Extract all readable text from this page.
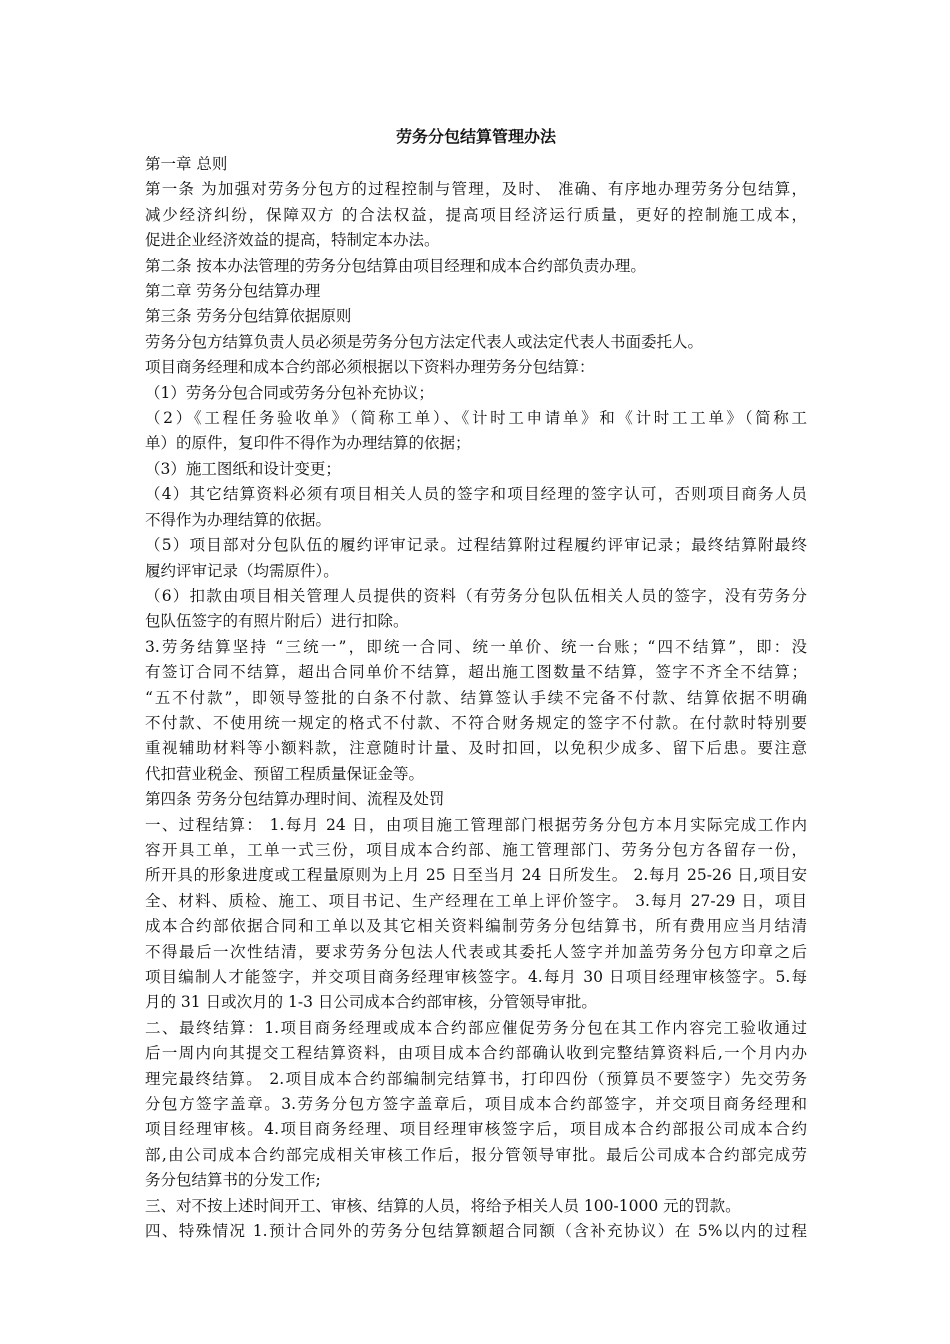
劳务分包结算管理办法
第一章 总则
第一条 为加强对劳务分包方的过程控制与管理，及时、 准确、有序地办理劳务分包结算，
减少经济纠纷，保障双方 的合法权益，提高项目经济运行质量，更好的控制施工成本，
促进企业经济效益的提高，特制定本办法。
第二条 按本办法管理的劳务分包结算由项目经理和成本合约部负责办理。
第二章 劳务分包结算办理
第三条 劳务分包结算依据原则
劳务分包方结算负责人员必须是劳务分包方法定代表人或法定代表人书面委托人。
项目商务经理和成本合约部必须根据以下资料办理劳务分包结算：
（1）劳务分包合同或劳务分包补充协议；
（2）《工程任务验收单》（简称工单）、《计时工申请单》和《计时工工单》（简称工
单）的原件，复印件不得作为办理结算的依据；
（3）施工图纸和设计变更；
（4）其它结算资料必须有项目相关人员的签字和项目经理的签字认可，否则项目商务人员
不得作为办理结算的依据。
（5）项目部对分包队伍的履约评审记录。过程结算附过程履约评审记录；最终结算附最终
履约评审记录（均需原件）。
（6）扣款由项目相关管理人员提供的资料（有劳务分包队伍相关人员的签字，没有劳务分
包队伍签字的有照片附后）进行扣除。
3.劳务结算坚持 “三统一”，即统一合同、统一单价、统一台账；“四不结算”，即：没
有签订合同不结算，超出合同单价不结算，超出施工图数量不结算，签字不齐全不结算；
“五不付款”，即领导签批的白条不付款、结算签认手续不完备不付款、结算依据不明确
不付款、不使用统一规定的格式不付款、不符合财务规定的签字不付款。在付款时特别要
重视辅助材料等小额料款，注意随时计量、及时扣回，以免积少成多、留下后患。要注意
代扣营业税金、预留工程质量保证金等。
第四条 劳务分包结算办理时间、流程及处罚
一、过程结算： 1.每月 24 日，由项目施工管理部门根据劳务分包方本月实际完成工作内
容开具工单，工单一式三份，项目成本合约部、施工管理部门、劳务分包方各留存一份，
所开具的形象进度或工程量原则为上月 25 日至当月 24 日所发生。 2.每月 25-26 日,项目安
全、材料、质检、施工、项目书记、生产经理在工单上评价签字。 3.每月 27-29 日，项目
成本合约部依据合同和工单以及其它相关资料编制劳务分包结算书，所有费用应当月结清
不得最后一次性结清，要求劳务分包法人代表或其委托人签字并加盖劳务分包方印章之后
项目编制人才能签字，并交项目商务经理审核签字。4.每月 30 日项目经理审核签字。5.每
月的 31 日或次月的 1-3 日公司成本合约部审核，分管领导审批。
二、最终结算：1.项目商务经理或成本合约部应催促劳务分包在其工作内容完工验收通过
后一周内向其提交工程结算资料，由项目成本合约部确认收到完整结算资料后,一个月内办
理完最终结算。 2.项目成本合约部编制完结算书，打印四份（预算员不要签字）先交劳务
分包方签字盖章。3.劳务分包方签字盖章后，项目成本合约部签字，并交项目商务经理和
项目经理审核。4.项目商务经理、项目经理审核签字后，项目成本合约部报公司成本合约
部,由公司成本合约部完成相关审核工作后，报分管领导审批。最后公司成本合约部完成劳
务分包结算书的分发工作;
三、对不按上述时间开工、审核、结算的人员，将给予相关人员 100-1000 元的罚款。
四、特殊情况 1.预计合同外的劳务分包结算额超合同额（含补充协议）在 5%以内的过程
